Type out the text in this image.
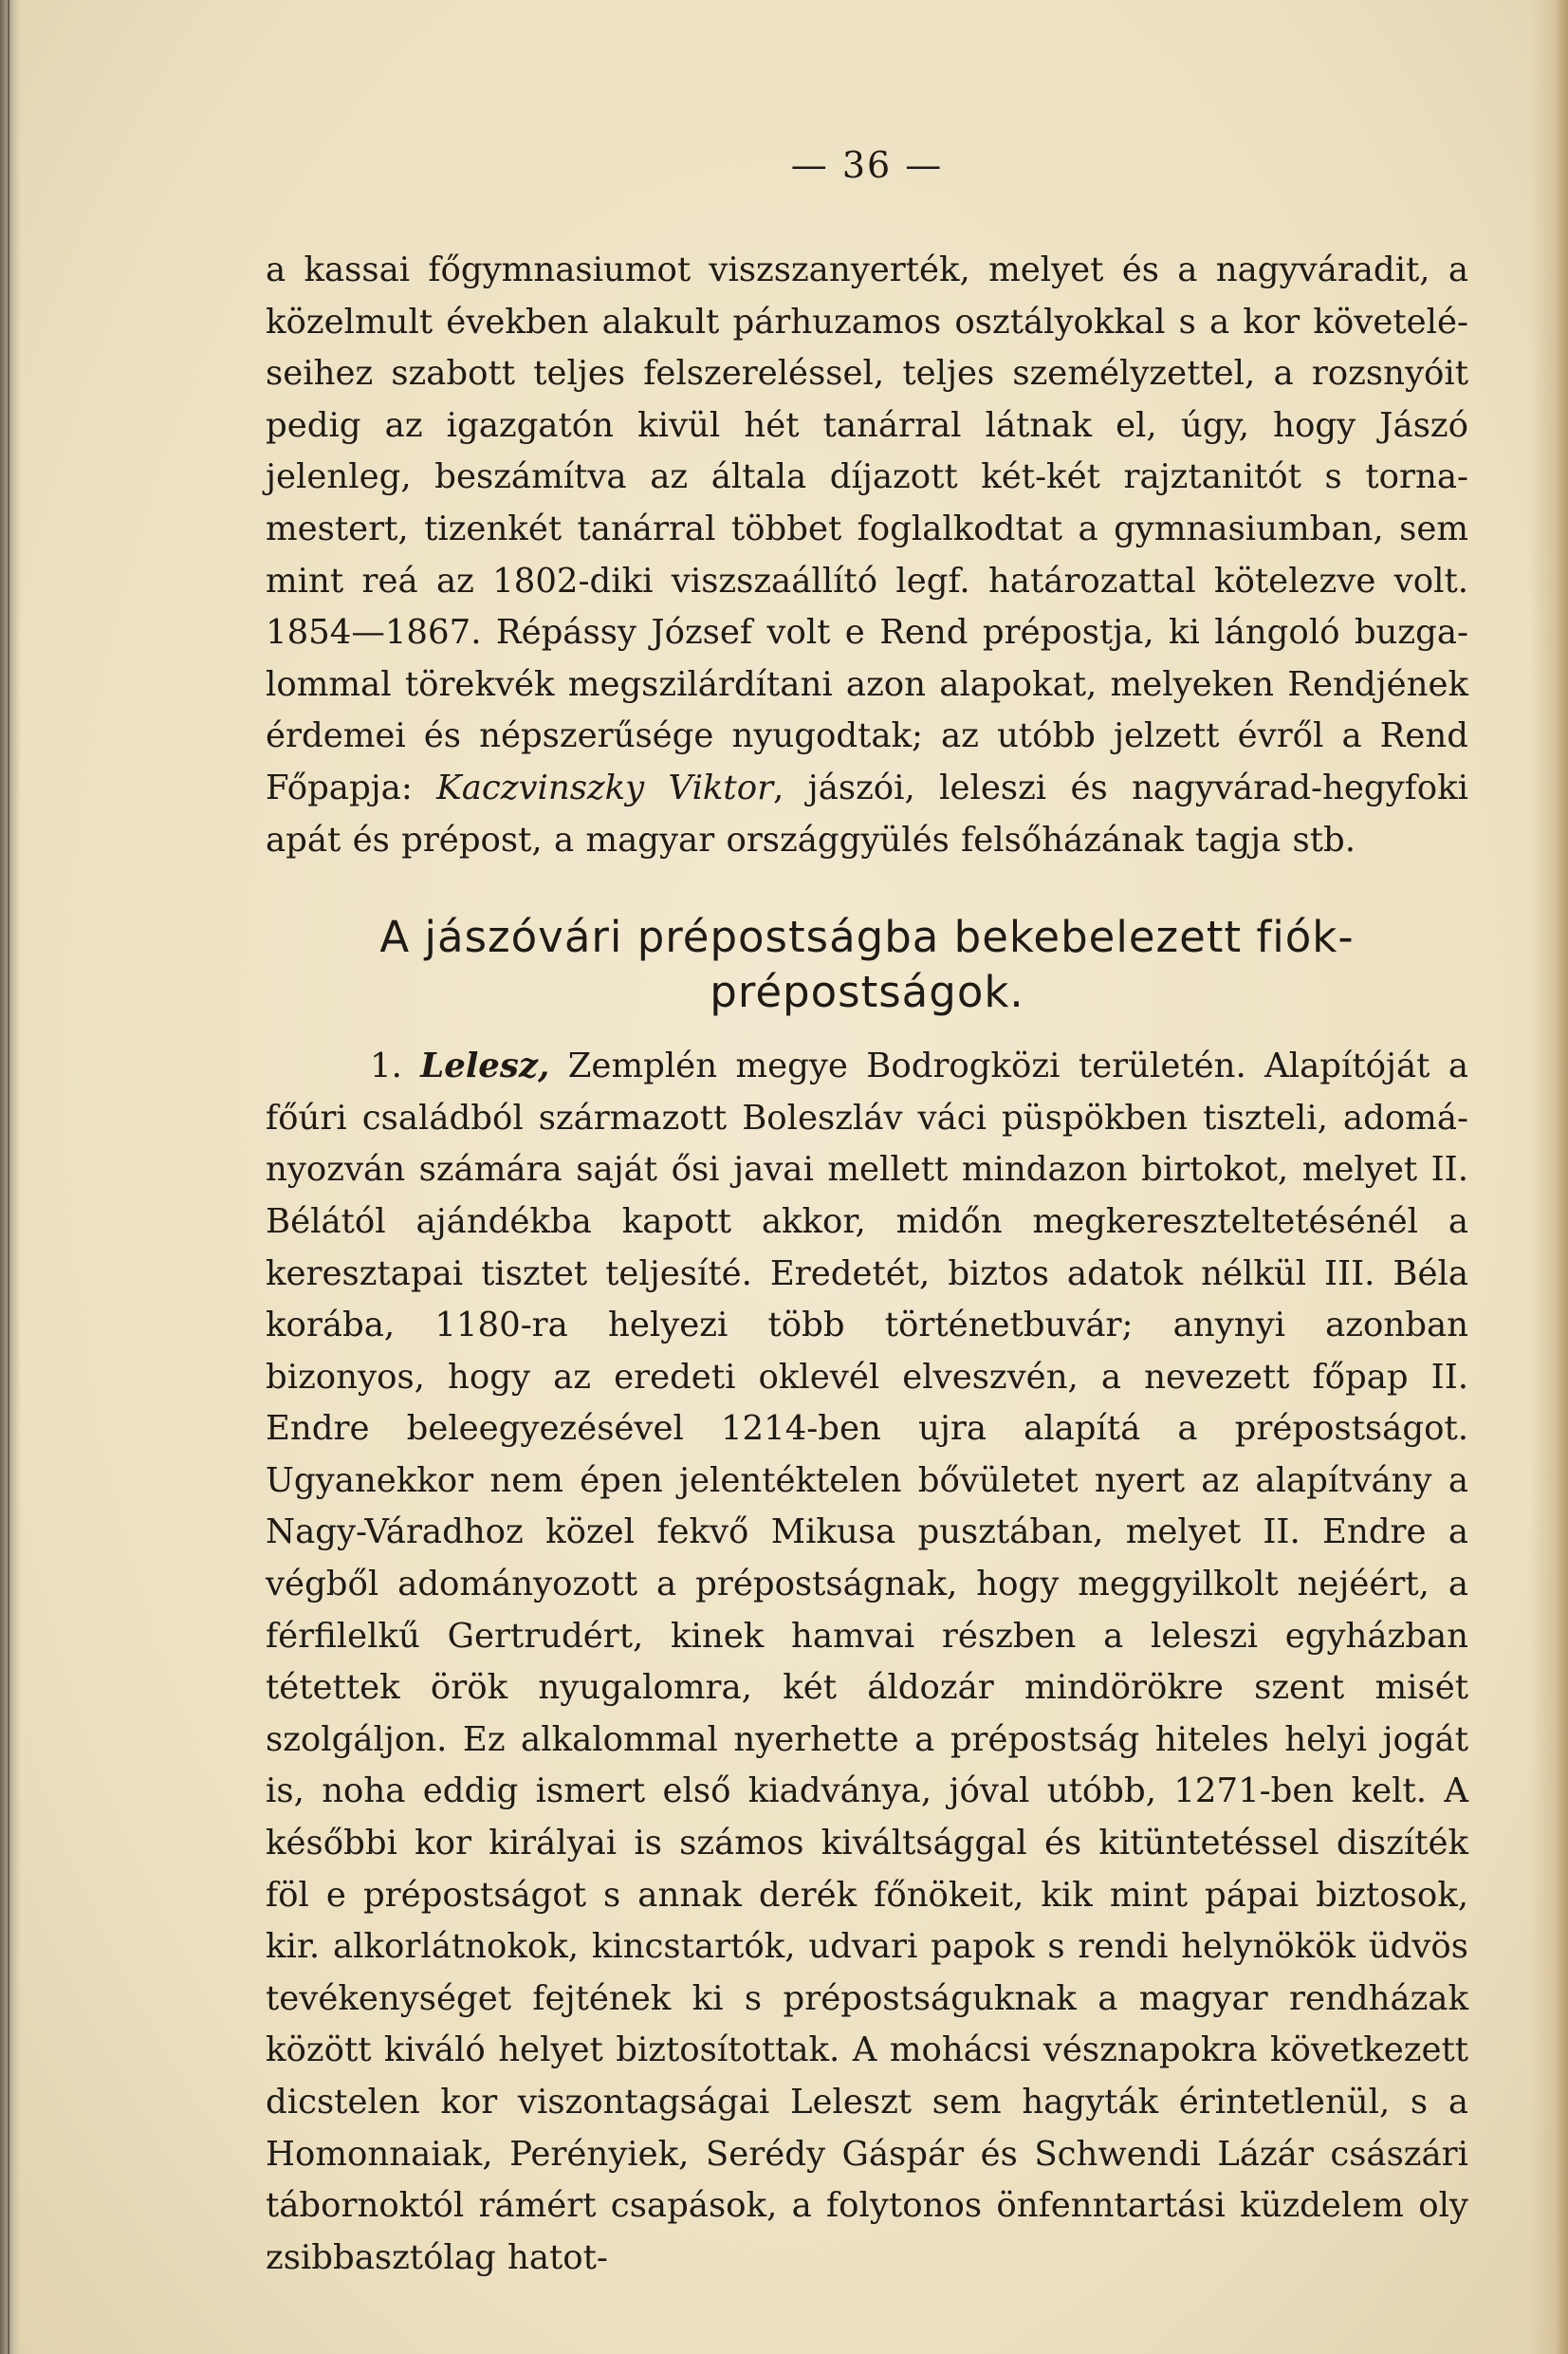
— 36 —

a kassai főgymnasiumot viszszanyerték, melyet és a nagyváradit, a közelmult években alakult párhuzamos osztályokkal s a kor követeléseihez szabott teljes felszereléssel, teljes személyzettel, a rozsnyóit pedig az igazgatón kivül hét tanárral látnak el, úgy, hogy Jászó jelenleg, beszámítva az általa díjazott két-két rajztanitót s tornamestert, tizenkét tanárral többet foglalkodtat a gymnasiumban, sem mint reá az 1802-diki viszszaállító legf. határozattal kötelezve volt. 1854—1867. Répássy József volt e Rend prépostja, ki lángoló buzgalommal törekvék megszilárdítani azon alapokat, melyeken Rendjének érdemei és népszerűsége nyugodtak; az utóbb jelzett évről a Rend Főpapja: Kaczvinszky Viktor, jászói, leleszi és nagyvárad-hegyfoki apát és prépost, a magyar országgyülés felsőházának tagja stb.

A jászóvári prépostságba bekebelezett fiók-
prépostságok.

1. Lelesz, Zemplén megye Bodrogközi területén. Alapítóját a főúri családból származott Boleszláv váci püspökben tiszteli, adományozván számára saját ősi javai mellett mindazon birtokot, melyet II. Bélától ajándékba kapott akkor, midőn megkereszteltetésénél a keresztapai tisztet teljesíté. Eredetét, biztos adatok nélkül III. Béla korába, 1180-ra helyezi több történetbuvár; anynyi azonban bizonyos, hogy az eredeti oklevél elveszvén, a nevezett főpap II. Endre beleegyezésével 1214-ben ujra alapítá a prépostságot. Ugyanekkor nem épen jelentéktelen bővületet nyert az alapítvány a Nagy-Váradhoz közel fekvő Mikusa pusztában, melyet II. Endre a végből adományozott a prépostságnak, hogy meggyilkolt nejéért, a férfilelkű Gertrudért, kinek hamvai részben a leleszi egyházban tétettek örök nyugalomra, két áldozár mindörökre szent misét szolgáljon. Ez alkalommal nyerhette a prépostság hiteles helyi jogát is, noha eddig ismert első kiadványa, jóval utóbb, 1271-ben kelt. A későbbi kor királyai is számos kiváltsággal és kitüntetéssel diszíték föl e prépostságot s annak derék főnökeit, kik mint pápai biztosok, kir. alkorlátnokok, kincstartók, udvari papok s rendi helynökök üdvös tevékenységet fejtének ki s prépostságuknak a magyar rendházak között kiváló helyet biztosítottak. A mohácsi vésznapokra következett dicstelen kor viszontagságai Leleszt sem hagyták érintetlenül, s a Homonnaiak, Perényiek, Serédy Gáspár és Schwendi Lázár császári tábornoktól rámért csapások, a folytonos önfenntartási küzdelem oly zsibbasztólag hatot-
